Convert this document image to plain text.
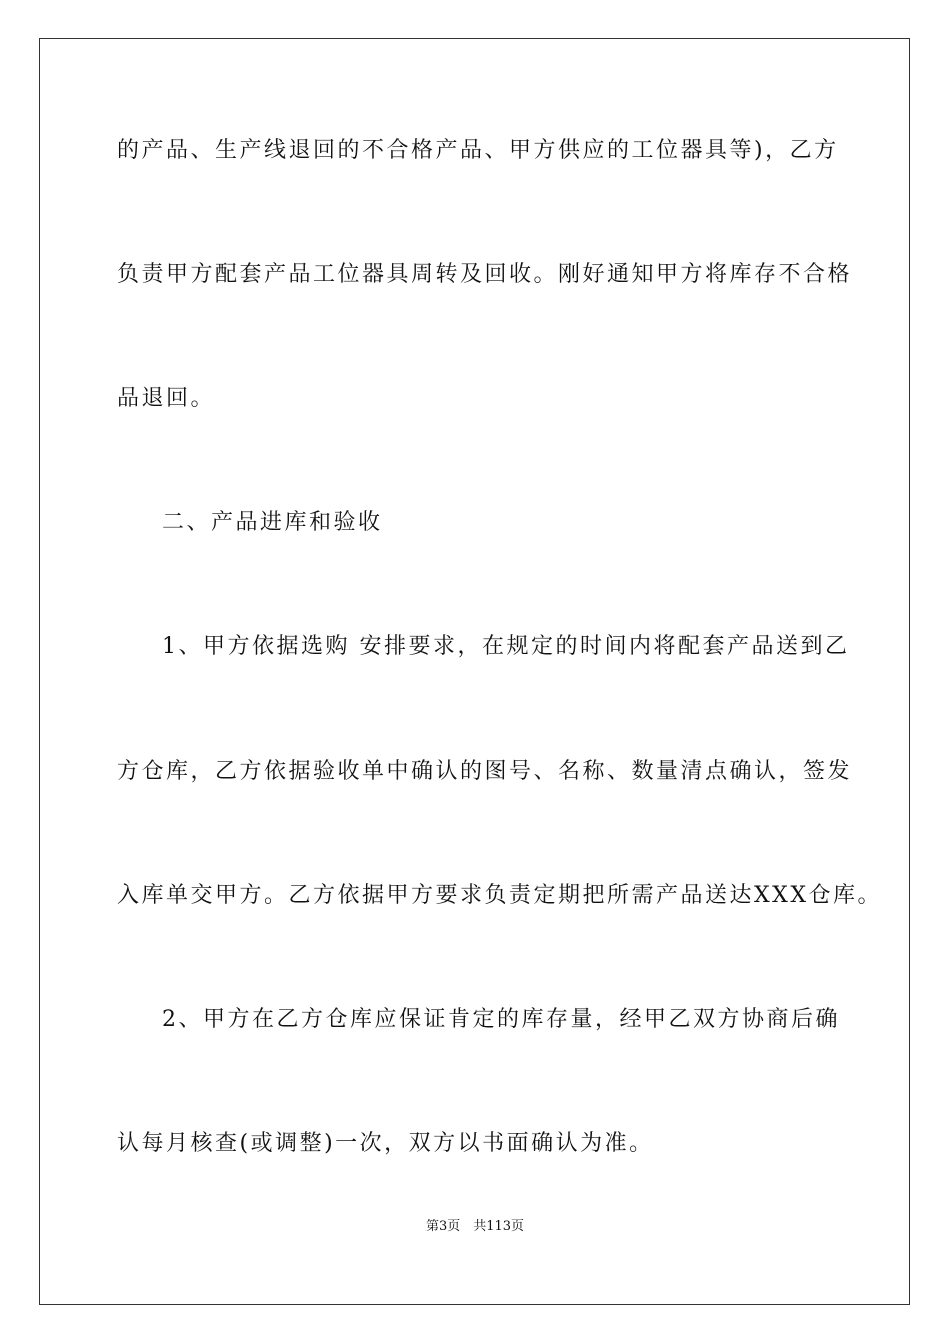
的产品、生产线退回的不合格产品、甲方供应的工位器具等)，乙方
负责甲方配套产品工位器具周转及回收。刚好通知甲方将库存不合格
品退回。
二、产品进库和验收
1、甲方依据选购 安排要求，在规定的时间内将配套产品送到乙
方仓库，乙方依据验收单中确认的图号、名称、数量清点确认，签发
入库单交甲方。乙方依据甲方要求负责定期把所需产品送达XXX仓库。
2、甲方在乙方仓库应保证肯定的库存量，经甲乙双方协商后确
认每月核查(或调整)一次，双方以书面确认为准。
第3页　共113页
